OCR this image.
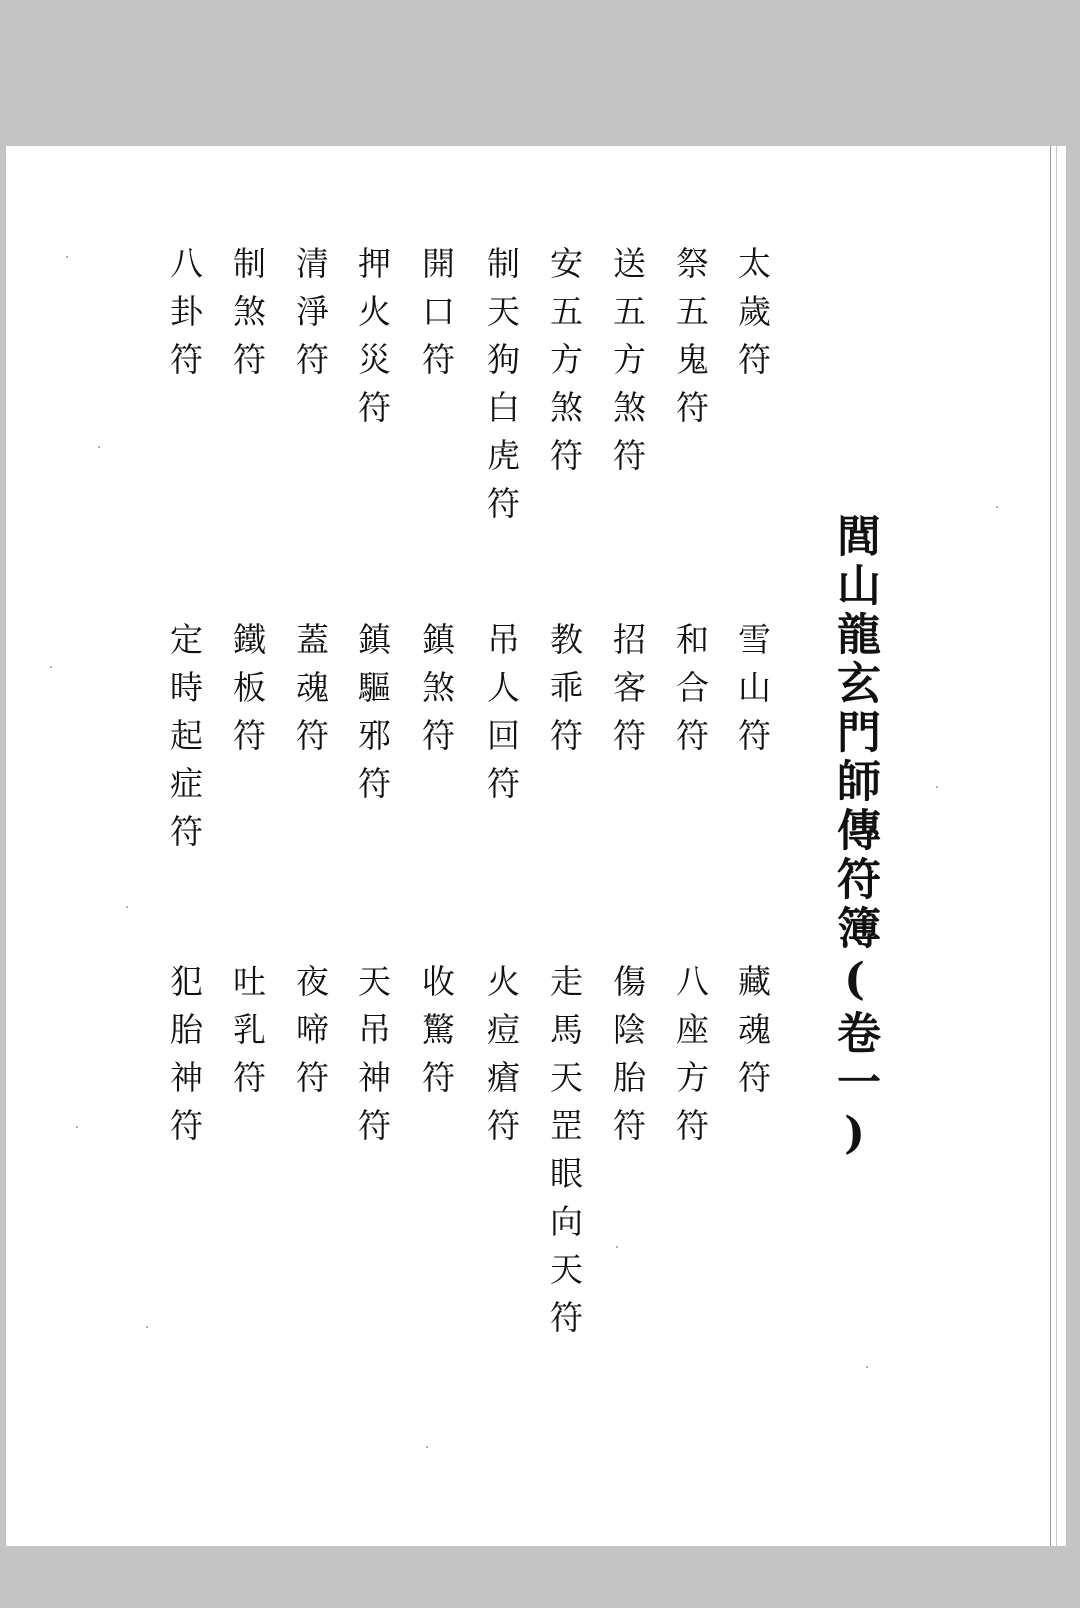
閭山龍玄門師傳符簿(卷一)
太歲符
雪山符
藏魂符
祭五鬼符
和合符
八座方符
送五方煞符
招客符
傷陰胎符
安五方煞符
教乖符
走馬天罡眼向天符
制天狗白虎符
吊人回符
火痘瘡符
開口符
鎮煞符
收驚符
押火災符
鎮驅邪符
天吊神符
清淨符
蓋魂符
夜啼符
制煞符
鐵板符
吐乳符
八卦符
定時起症符
犯胎神符
